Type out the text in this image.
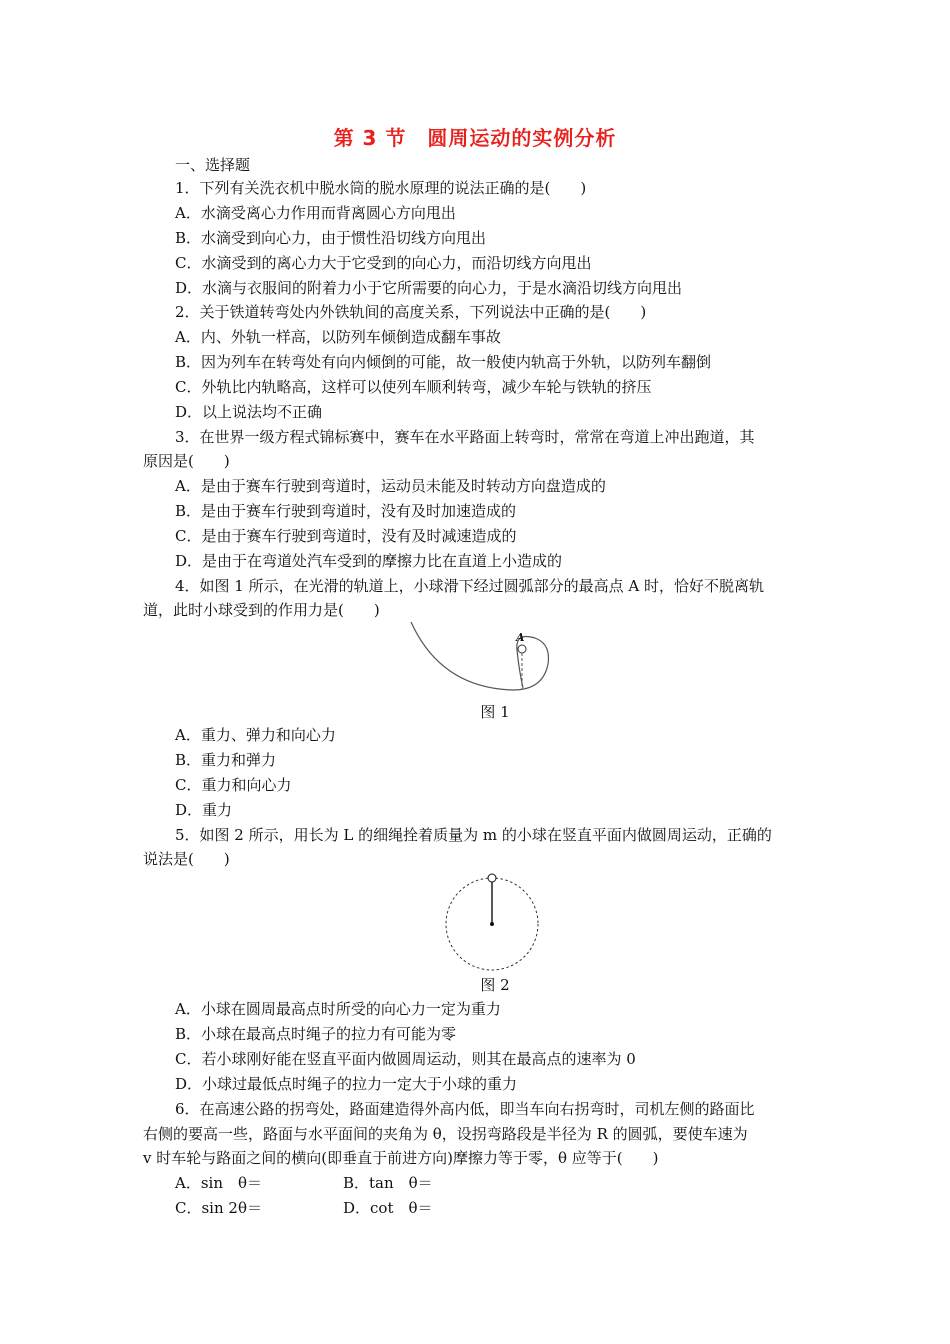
第 3 节　圆周运动的实例分析
一、选择题
1．下列有关洗衣机中脱水筒的脱水原理的说法正确的是(　　)
A．水滴受离心力作用而背离圆心方向甩出
B．水滴受到向心力，由于惯性沿切线方向甩出
C．水滴受到的离心力大于它受到的向心力，而沿切线方向甩出
D．水滴与衣服间的附着力小于它所需要的向心力，于是水滴沿切线方向甩出
2．关于铁道转弯处内外铁轨间的高度关系，下列说法中正确的是(　　)
A．内、外轨一样高，以防列车倾倒造成翻车事故
B．因为列车在转弯处有向内倾倒的可能，故一般使内轨高于外轨，以防列车翻倒
C．外轨比内轨略高，这样可以使列车顺利转弯，减少车轮与铁轨的挤压
D．以上说法均不正确
3．在世界一级方程式锦标赛中，赛车在水平路面上转弯时，常常在弯道上冲出跑道，其
原因是(　　)
A．是由于赛车行驶到弯道时，运动员未能及时转动方向盘造成的
B．是由于赛车行驶到弯道时，没有及时加速造成的
C．是由于赛车行驶到弯道时，没有及时减速造成的
D．是由于在弯道处汽车受到的摩擦力比在直道上小造成的
4．如图 1 所示，在光滑的轨道上，小球滑下经过圆弧部分的最高点 A 时，恰好不脱离轨
道，此时小球受到的作用力是(　　)
A
图 1
A．重力、弹力和向心力
B．重力和弹力
C．重力和向心力
D．重力
5．如图 2 所示，用长为 L 的细绳拴着质量为 m 的小球在竖直平面内做圆周运动，正确的
说法是(　　)
图 2
A．小球在圆周最高点时所受的向心力一定为重力
B．小球在最高点时绳子的拉力有可能为零
C．若小球刚好能在竖直平面内做圆周运动，则其在最高点的速率为 0
D．小球过最低点时绳子的拉力一定大于小球的重力
6．在高速公路的拐弯处，路面建造得外高内低，即当车向右拐弯时，司机左侧的路面比
右侧的要高一些，路面与水平面间的夹角为 θ，设拐弯路段是半径为 R 的圆弧，要使车速为
v 时车轮与路面之间的横向(即垂直于前进方向)摩擦力等于零，θ 应等于(　　)
A．sin　θ＝	B．tan　θ＝
C．sin 2θ＝	D．cot　θ＝
